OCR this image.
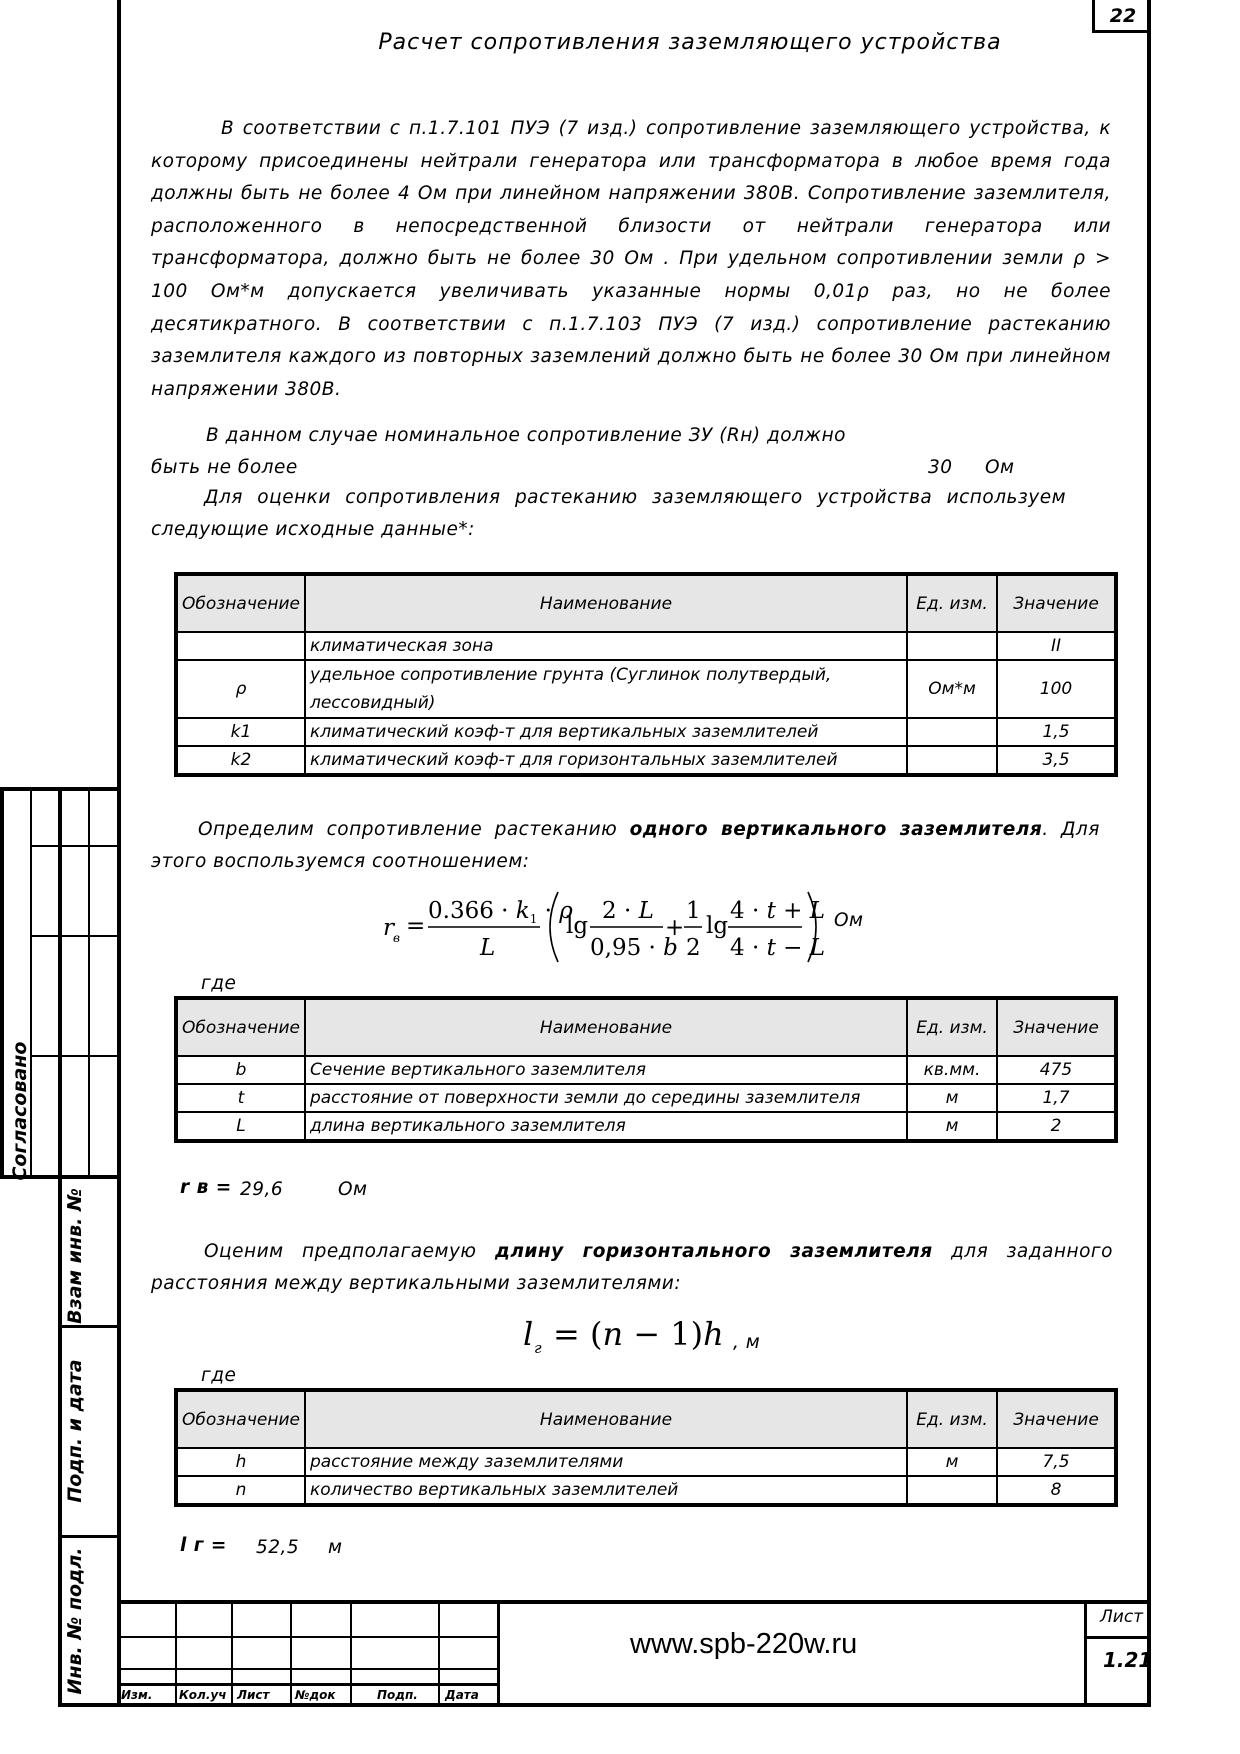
22
Согласовано
Взам инв. №
Подп. и дата
Инв. № подл.
Расчет сопротивления заземляющего устройства
В соответствии с п.1.7.101 ПУЭ (7 изд.) сопротивление заземляющего устройства, к которому присоединены нейтрали генератора или трансформатора в любое время года должны быть не более 4 Ом при линейном напряжении 380В. Сопротивление заземлителя, расположенного в непосредственной близости от нейтрали генератора или трансформатора, должно быть не более 30 Ом . При удельном сопротивлении земли ρ > 100 Ом*м допускается увеличивать указанные нормы 0,01ρ раз, но не более десятикратного. В соответствии с п.1.7.103 ПУЭ (7 изд.) сопротивление растеканию заземлителя каждого из повторных заземлений должно быть не более 30 Ом при линейном напряжении 380В.
В данном случае номинальное сопротивление ЗУ (Rн) должно
быть не более	30 Ом
Для оценки сопротивления растеканию заземляющего устройства используем
следующие исходные данные*:
Обозначение	Наименование	Ед. изм.	Значение
	климатическая зона		II
ρ	удельное сопротивление грунта (Суглинок полутвердый, лессовидный)	Ом*м	100
k1	климатический коэф-т для вертикальных заземлителей		1,5
k2	климатический коэф-т для горизонтальных заземлителей		3,5
Определим сопротивление растеканию одного вертикального заземлителя. Для
этого воспользуемся соотношением:
r в =
$0.366 \cdot k_1 \cdot \rho$
L
lg
2 · L
0,95 · b
+
1
2
lg
4 · t + L
4 · t − L
Ом
где
Обозначение	Наименование	Ед. изм.	Значение
b	Сечение вертикального заземлителя	кв.мм.	475
t	расстояние от поверхности земли до середины заземлителя	м	1,7
L	длина вертикального заземлителя	м	2
r в = 29,6	Ом
Оценим предполагаемую длину горизонтального заземлителя для заданного
расстояния между вертикальными заземлителями:
l г = (n − 1)h , м
где
Обозначение	Наименование	Ед. изм.	Значение
h	расстояние между заземлителями	м	7,5
n	количество вертикальных заземлителей		8
l г = 52,5 м
Изм. Кол.уч Лист №док	Подп. Дата
www.spb-220w.ru
Лист
1.21
